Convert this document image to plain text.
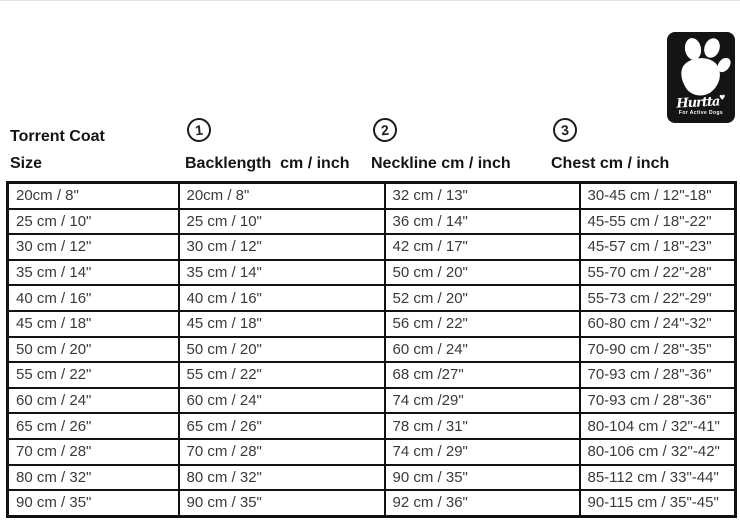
Hurtta♥
For Active Dogs
Torrent Coat
Size
1
Backlength  cm / inch
2
Neckline cm / inch
3
Chest cm / inch
20cm / 8"	20cm / 8"	32 cm / 13"	30-45 cm / 12"-18"
25 cm / 10"	25 cm / 10"	36 cm / 14"	45-55 cm / 18"-22"
30 cm / 12"	30 cm / 12"	42 cm / 17"	45-57 cm / 18"-23"
35 cm / 14"	35 cm / 14"	50 cm / 20"	55-70 cm / 22"-28"
40 cm / 16"	40 cm / 16"	52 cm / 20"	55-73 cm / 22"-29"
45 cm / 18"	45 cm / 18"	56 cm / 22"	60-80 cm / 24"-32"
50 cm / 20"	50 cm / 20"	60 cm / 24"	70-90 cm / 28"-35"
55 cm / 22"	55 cm / 22"	68 cm /27"	70-93 cm / 28"-36"
60 cm / 24"	60 cm / 24"	74 cm /29"	70-93 cm / 28"-36"
65 cm / 26"	65 cm / 26"	78 cm / 31"	80-104 cm / 32"-41"
70 cm / 28"	70 cm / 28"	74 cm / 29"	80-106 cm / 32"-42"
80 cm / 32"	80 cm / 32"	90 cm / 35"	85-112 cm / 33"-44"
90 cm / 35"	90 cm / 35"	92 cm / 36"	90-115 cm / 35"-45"
